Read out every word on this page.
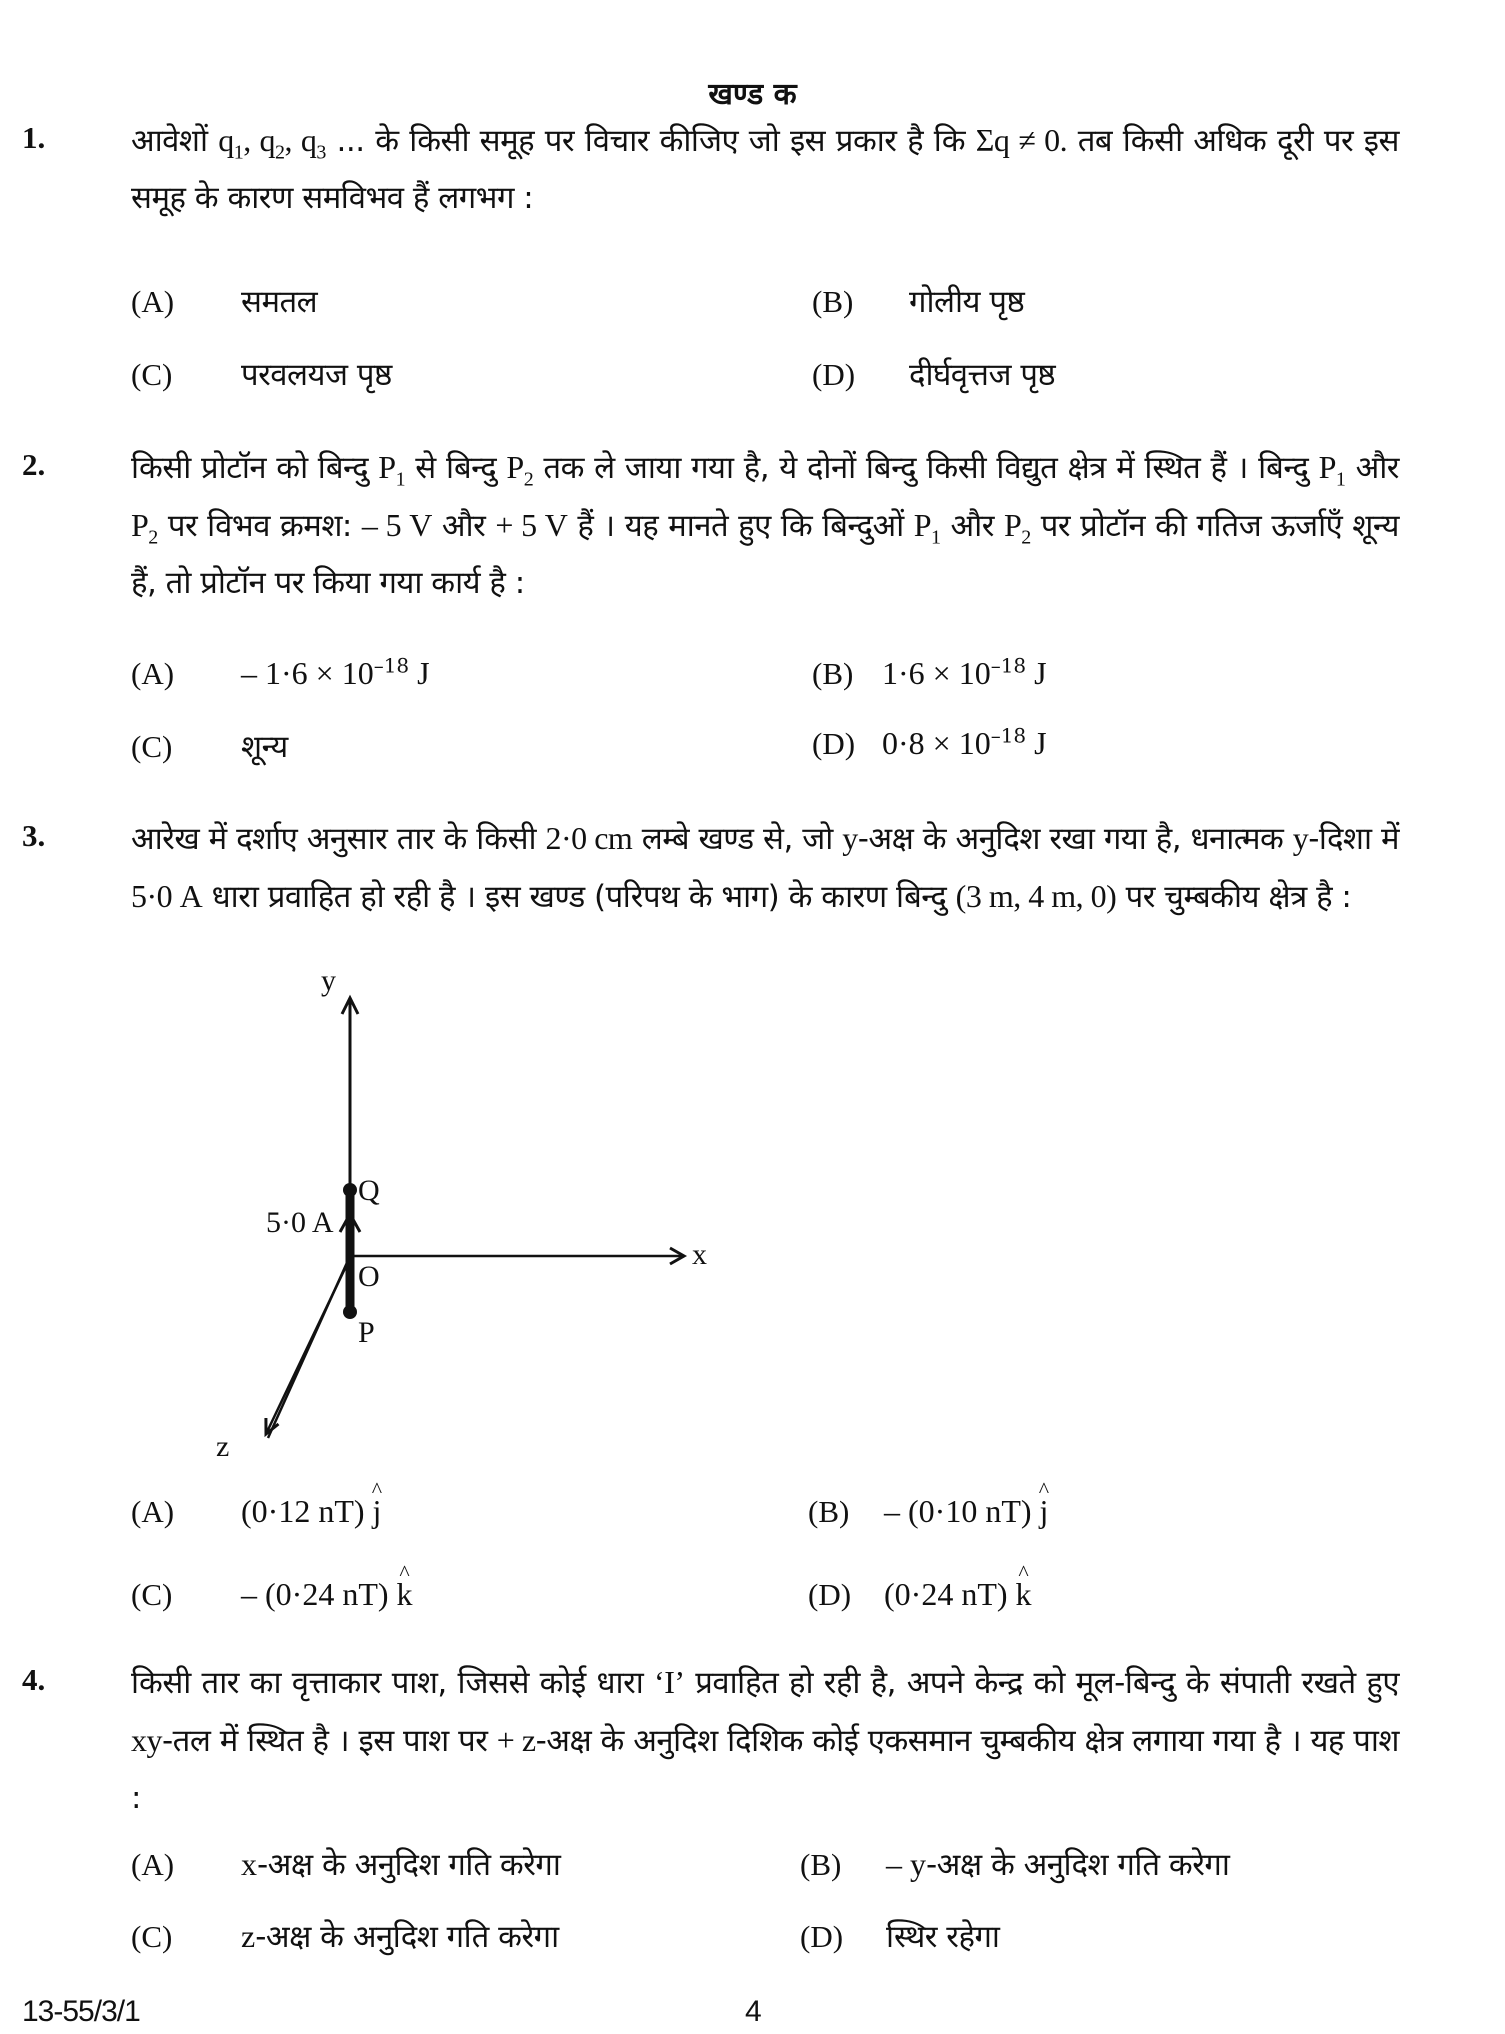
खण्ड क
1.	आवेशों $q_1$, $q_2$, $q_3$ ... के किसी समूह पर विचार कीजिए जो इस प्रकार है कि Σq ≠ 0. तब किसी अधिक दूरी पर इस समूह के कारण समविभव हैं लगभग :
(A) समतल	(B) गोलीय पृष्ठ
(C) परवलयज पृष्ठ	(D) दीर्घवृत्तज पृष्ठ
2.	किसी प्रोटॉन को बिन्दु $P_1$ से बिन्दु $P_2$ तक ले जाया गया है, ये दोनों बिन्दु किसी विद्युत क्षेत्र में स्थित हैं । बिन्दु $P_1$ और $P_2$ पर विभव क्रमश: – 5 V और + 5 V हैं । यह मानते हुए कि बिन्दुओं $P_1$ और $P_2$ पर प्रोटॉन की गतिज ऊर्जाएँ शून्य हैं, तो प्रोटॉन पर किया गया कार्य है :
$(A) - 1\cdot 6 \times 10^{-18}$ J	(B) $1\cdot 6 \times 10^{-18}$ J
(C) शून्य	(D) $0\cdot 8 \times 10^{-18}$ J
3.	आरेख में दर्शाए अनुसार तार के किसी 2·0 cm लम्बे खण्ड से, जो y-अक्ष के अनुदिश रखा गया है, धनात्मक y-दिशा में 5·0 A धारा प्रवाहित हो रही है । इस खण्ड (परिपथ के भाग) के कारण बिन्दु (3 m, 4 m, 0) पर चुम्बकीय क्षेत्र है :
y
x
z
Q
O
P
5·0 A
(A) (0·12 nT) ^ j	(B) – (0·10 nT) ^ j
(C) – (0·24 nT) ^ k	(D) (0·24 nT) ^ k
4.	किसी तार का वृत्ताकार पाश, जिससे कोई धारा ‘I’ प्रवाहित हो रही है, अपने केन्द्र को मूल-बिन्दु के संपाती रखते हुए xy-तल में स्थित है । इस पाश पर + z-अक्ष के अनुदिश दिशिक कोई एकसमान चुम्बकीय क्षेत्र लगाया गया है । यह पाश :
(A) x-अक्ष के अनुदिश गति करेगा	(B) – y-अक्ष के अनुदिश गति करेगा
(C) z-अक्ष के अनुदिश गति करेगा	(D) स्थिर रहेगा
13-55/3/1	4
